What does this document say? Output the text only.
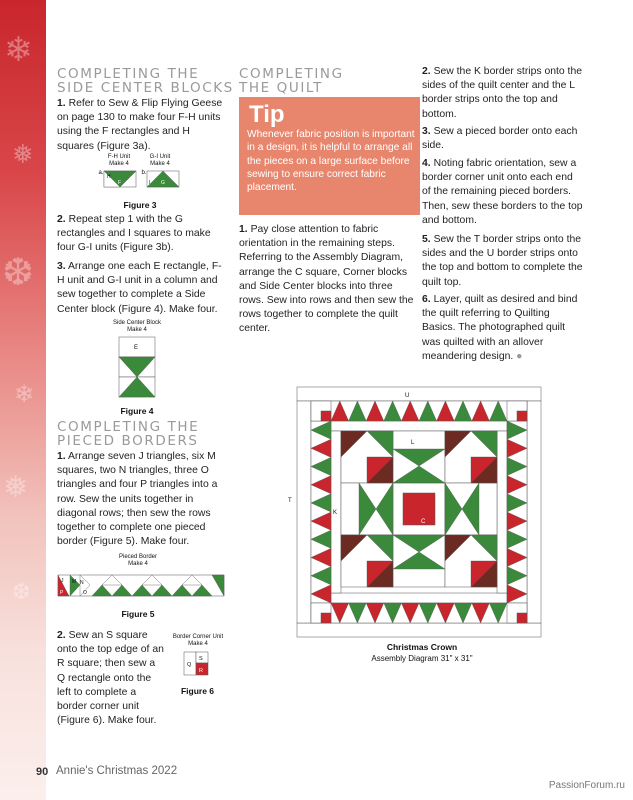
❄
❅
❆
❄
❅
❆
COMPLETING THE
SIDE CENTER BLOCKS

1. Refer to Sew & Flip Flying Geese on page 130 to make four F-H units using the F rectangles and H squares (Figure 3a).

F-H Unit
Make 4
G-I Unit
Make 4
a.	b.
H
F	I G
Figure 3

2. Repeat step 1 with the G rectangles and I squares to make four G-I units (Figure 3b).

3. Arrange one each E rectangle, F-H unit and G-I unit in a column and sew together to complete a Side Center block (Figure 4). Make four.

Side Center Block
Make 4
E
Figure 4
COMPLETING THE
PIECED BORDERS

1. Arrange seven J triangles, six M squares, two N triangles, three O triangles and four P triangles into a row. Sew the units together in diagonal rows; then sew the rows together to complete one pieced border (Figure 5). Make four.

Pieced Border
Make 4
J M N
P	O
Figure 5

2. Sew an S square onto the top edge of an R square; then sew a Q rectangle onto the left to complete a border corner unit (Figure 6). Make four.

Border Corner Unit
Make 4
Q
S
R
Figure 6
COMPLETING
THE QUILT

Tip

Whenever fabric position is important in a design, it is helpful to arrange all the pieces on a large surface before sewing to ensure correct fabric placement.

1. Pay close attention to fabric orientation in the remaining steps. Referring to the Assembly Diagram, arrange the C square, Corner blocks and Side Center blocks into three rows. Sew into rows and then sew the rows together to complete the quilt center.

2. Sew the K border strips onto the sides of the quilt center and the L border strips onto the top and bottom.

3. Sew a pieced border onto each side.

4. Noting fabric orientation, sew a border corner unit onto each end of the remaining pieced borders. Then, sew these borders to the top and bottom.

5. Sew the T border strips onto the sides and the U border strips onto the top and bottom to complete the quilt top.

6. Layer, quilt as desired and bind the quilt referring to Quilting Basics. The photographed quilt was quilted with an allover meandering design. ●

U
L
T
K
C
Christmas Crown
Assembly Diagram 31" x 31"
90 Annie's Christmas 2022
PassionForum.ru
